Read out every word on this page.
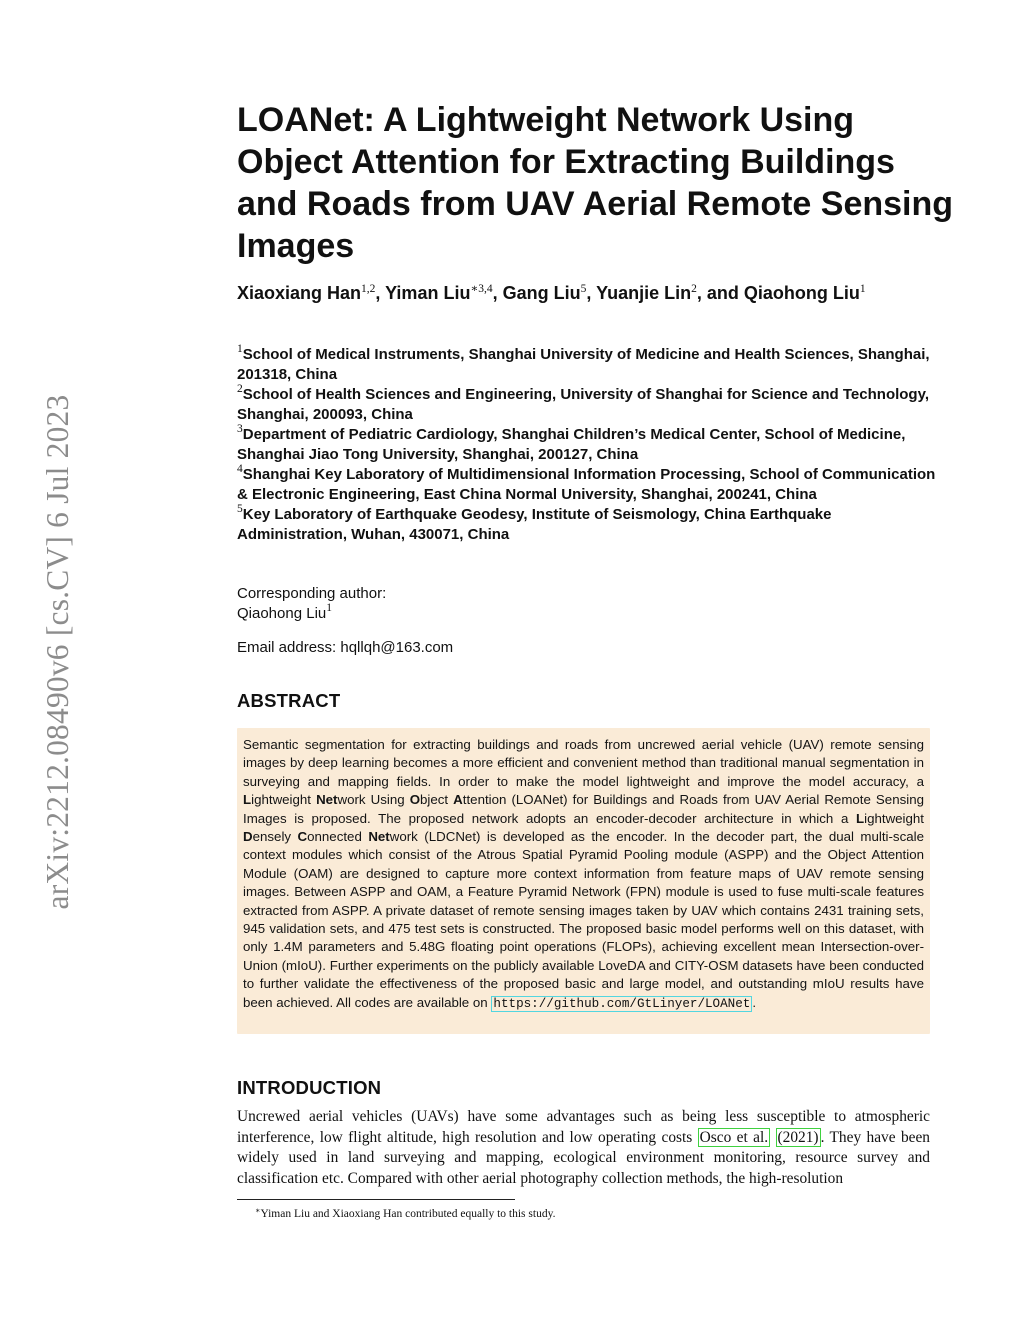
arXiv:2212.08490v6 [cs.CV] 6 Jul 2023
LOANet: A Lightweight Network Using Object Attention for Extracting Buildings and Roads from UAV Aerial Remote Sensing Images

Xiaoxiang Han$^{1,2}$, Yiman Liu$^{∗3,4}$, Gang Liu$^5$, Yuanjie Lin$^2$, and Qiaohong Liu$^1$

$^1$School of Medical Instruments, Shanghai University of Medicine and Health Sciences, Shanghai, 201318, China
$^2$School of Health Sciences and Engineering, University of Shanghai for Science and Technology, Shanghai, 200093, China
$^3$Department of Pediatric Cardiology, Shanghai Children’s Medical Center, School of Medicine, Shanghai Jiao Tong University, Shanghai, 200127, China
$^4$Shanghai Key Laboratory of Multidimensional Information Processing, School of Communication & Electronic Engineering, East China Normal University, Shanghai, 200241, China
$^5$Key Laboratory of Earthquake Geodesy, Institute of Seismology, China Earthquake Administration, Wuhan, 430071, China
Corresponding author:
Qiaohong Liu$^1$
Email address: hqllqh@163.com
ABSTRACT

Semantic segmentation for extracting buildings and roads from uncrewed aerial vehicle (UAV) remote sensing images by deep learning becomes a more efficient and convenient method than traditional manual segmentation in surveying and mapping fields. In order to make the model lightweight and improve the model accuracy, a Lightweight Network Using Object Attention (LOANet) for Buildings and Roads from UAV Aerial Remote Sensing Images is proposed. The proposed network adopts an encoder-decoder architecture in which a Lightweight Densely Connected Network (LDCNet) is developed as the encoder. In the decoder part, the dual multi-scale context modules which consist of the Atrous Spatial Pyramid Pooling module (ASPP) and the Object Attention Module (OAM) are designed to capture more context information from feature maps of UAV remote sensing images. Between ASPP and OAM, a Feature Pyramid Network (FPN) module is used to fuse multi-scale features extracted from ASPP. A private dataset of remote sensing images taken by UAV which contains 2431 training sets, 945 validation sets, and 475 test sets is constructed. The proposed basic model performs well on this dataset, with only 1.4M parameters and 5.48G floating point operations (FLOPs), achieving excellent mean Intersection-over-Union (mIoU). Further experiments on the publicly available LoveDA and CITY-OSM datasets have been conducted to further validate the effectiveness of the proposed basic and large model, and outstanding mIoU results have been achieved. All codes are available on https://github.com/GtLinyer/LOANet .

INTRODUCTION

Uncrewed aerial vehicles (UAVs) have some advantages such as being less susceptible to atmospheric interference, low flight altitude, high resolution and low operating costs Osco et al. (2021) . They have been widely used in land surveying and mapping, ecological environment monitoring, resource survey and classification etc. Compared with other aerial photography collection methods, the high-resolution

∗Yiman Liu and Xiaoxiang Han contributed equally to this study.
